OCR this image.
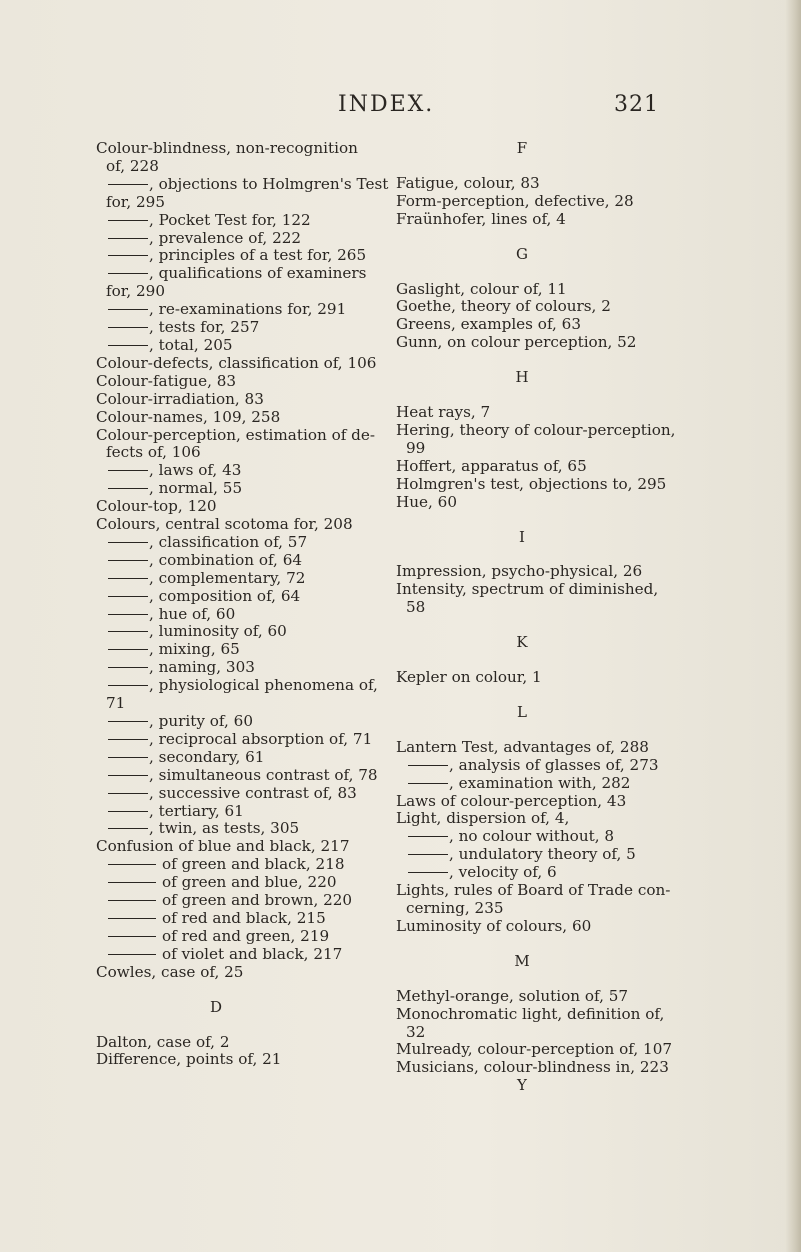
INDEX.	321
Colour-blindness, non-recognition
of, 228
, objections to Holmgren's Test
for, 295
, Pocket Test for, 122
, prevalence of, 222
, principles of a test for, 265
, qualifications of examiners
for, 290
, re-examinations for, 291
, tests for, 257
, total, 205
Colour-defects, classification of, 106
Colour-fatigue, 83
Colour-irradiation, 83
Colour-names, 109, 258
Colour-perception, estimation of de-
fects of, 106
, laws of, 43
, normal, 55
Colour-top, 120
Colours, central scotoma for, 208
, classification of, 57
, combination of, 64
, complementary, 72
, composition of, 64
, hue of, 60
, luminosity of, 60
, mixing, 65
, naming, 303
, physiological phenomena of,
71
, purity of, 60
, reciprocal absorption of, 71
, secondary, 61
, simultaneous contrast of, 78
, successive contrast of, 83
, tertiary, 61
, twin, as tests, 305
Confusion of blue and black, 217
of green and black, 218
of green and blue, 220
of green and brown, 220
of red and black, 215
of red and green, 219
of violet and black, 217
Cowles, case of, 25
D
Dalton, case of, 2
Difference, points of, 21
F
Fatigue, colour, 83
Form-perception, defective, 28
Fraünhofer, lines of, 4
G
Gaslight, colour of, 11
Goethe, theory of colours, 2
Greens, examples of, 63
Gunn, on colour perception, 52
H
Heat rays, 7
Hering, theory of colour-perception,
99
Hoffert, apparatus of, 65
Holmgren's test, objections to, 295
Hue, 60
I
Impression, psycho-physical, 26
Intensity, spectrum of diminished,
58
K
Kepler on colour, 1
L
Lantern Test, advantages of, 288
, analysis of glasses of, 273
, examination with, 282
Laws of colour-perception, 43
Light, dispersion of, 4,
, no colour without, 8
, undulatory theory of, 5
, velocity of, 6
Lights, rules of Board of Trade con-
cerning, 235
Luminosity of colours, 60
M
Methyl-orange, solution of, 57
Monochromatic light, definition of,
32
Mulready, colour-perception of, 107
Musicians, colour-blindness in, 223
Y
